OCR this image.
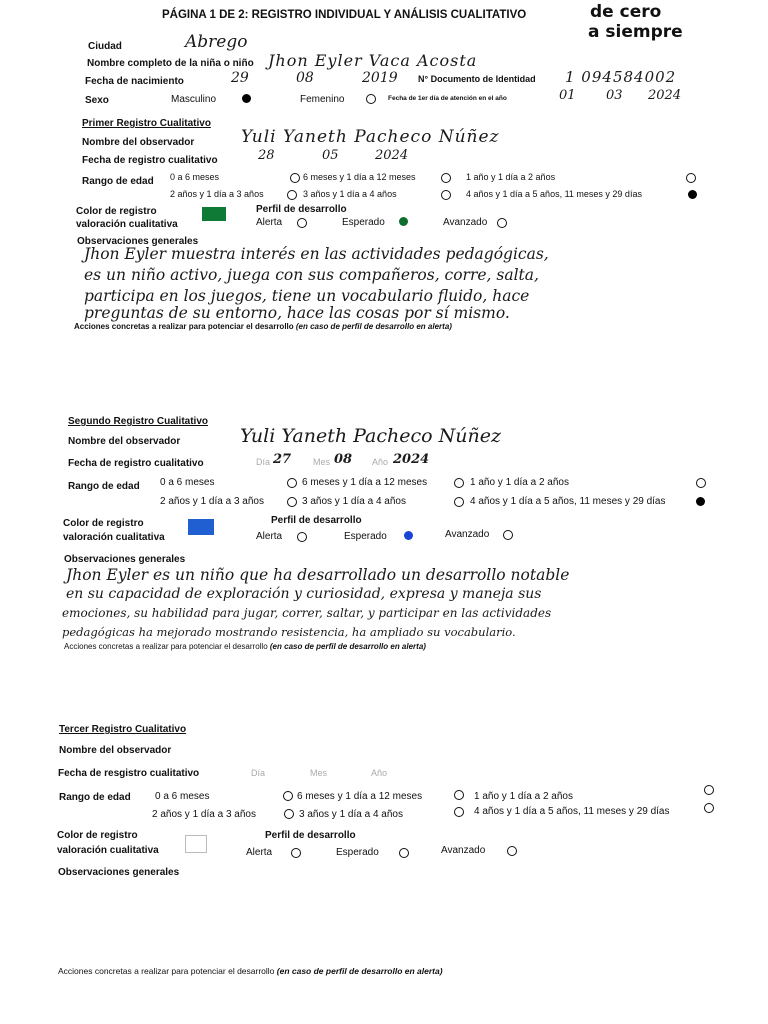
PÁGINA 1 DE 2: REGISTRO INDIVIDUAL Y ANÁLISIS CUALITATIVO	de cero
a siempre
Ciudad	Abrego
Nombre completo de la niña o niño Jhon Eyler Vaca Acosta
Fecha de nacimiento	29	08	2019 N° Documento de Identidad 1 094584002
Sexo	Masculino	Femenino	Fecha de 1er día de atención en el año	01 03 2024
Primer Registro Cualitativo
Nombre del observador	Yuli Yaneth Pacheco Núñez
Fecha de registro cualitativo	28	05	2024
Rango de edad 0 a 6 meses	6 meses y 1 día a 12 meses	1 año y 1 día a 2 años
2 años y 1 día a 3 años	3 años y 1 día a 4 años	4 años y 1 día a 5 años, 11 meses y 29 días
Color de registro
valoración cualitativa
Perfil de desarrollo
Alerta	Esperado	Avanzado
Observaciones generales
Jhon Eyler muestra interés en las actividades pedagógicas,
es un niño activo, juega con sus compañeros, corre, salta,
participa en los juegos, tiene un vocabulario fluido, hace
preguntas de su entorno, hace las cosas por sí mismo.
Acciones concretas a realizar para potenciar el desarrollo (en caso de perfil de desarrollo en alerta)
Segundo Registro Cualitativo
Nombre del observador	Yuli Yaneth Pacheco Núñez
Fecha de registro cualitativo	Día 27 Mes 08 Año 2024
Rango de edad 0 a 6 meses	6 meses y 1 día a 12 meses	1 año y 1 día a 2 años
2 años y 1 día a 3 años	3 años y 1 día a 4 años	4 años y 1 día a 5 años, 11 meses y 29 días
Color de registro
valoración cualitativa
Perfil de desarrollo
Alerta	Esperado	Avanzado
Observaciones generales
Jhon Eyler es un niño que ha desarrollado un desarrollo notable
en su capacidad de exploración y curiosidad, expresa y maneja sus
emociones, su habilidad para jugar, correr, saltar, y participar en las actividades
pedagógicas ha mejorado mostrando resistencia, ha ampliado su vocabulario.
Acciones concretas a realizar para potenciar el desarrollo (en caso de perfil de desarrollo en alerta)
Tercer Registro Cualitativo
Nombre del observador
Fecha de resgistro cualitativo	Día	Mes	Año
Rango de edad 0 a 6 meses	6 meses y 1 día a 12 meses	1 año y 1 día a 2 años
2 años y 1 día a 3 años	3 años y 1 día a 4 años	4 años y 1 día a 5 años, 11 meses y 29 días
Color de registro
valoración cualitativa
Perfil de desarrollo
Alerta	Esperado	Avanzado
Observaciones generales
Acciones concretas a realizar para potenciar el desarrollo (en caso de perfil de desarrollo en alerta)
